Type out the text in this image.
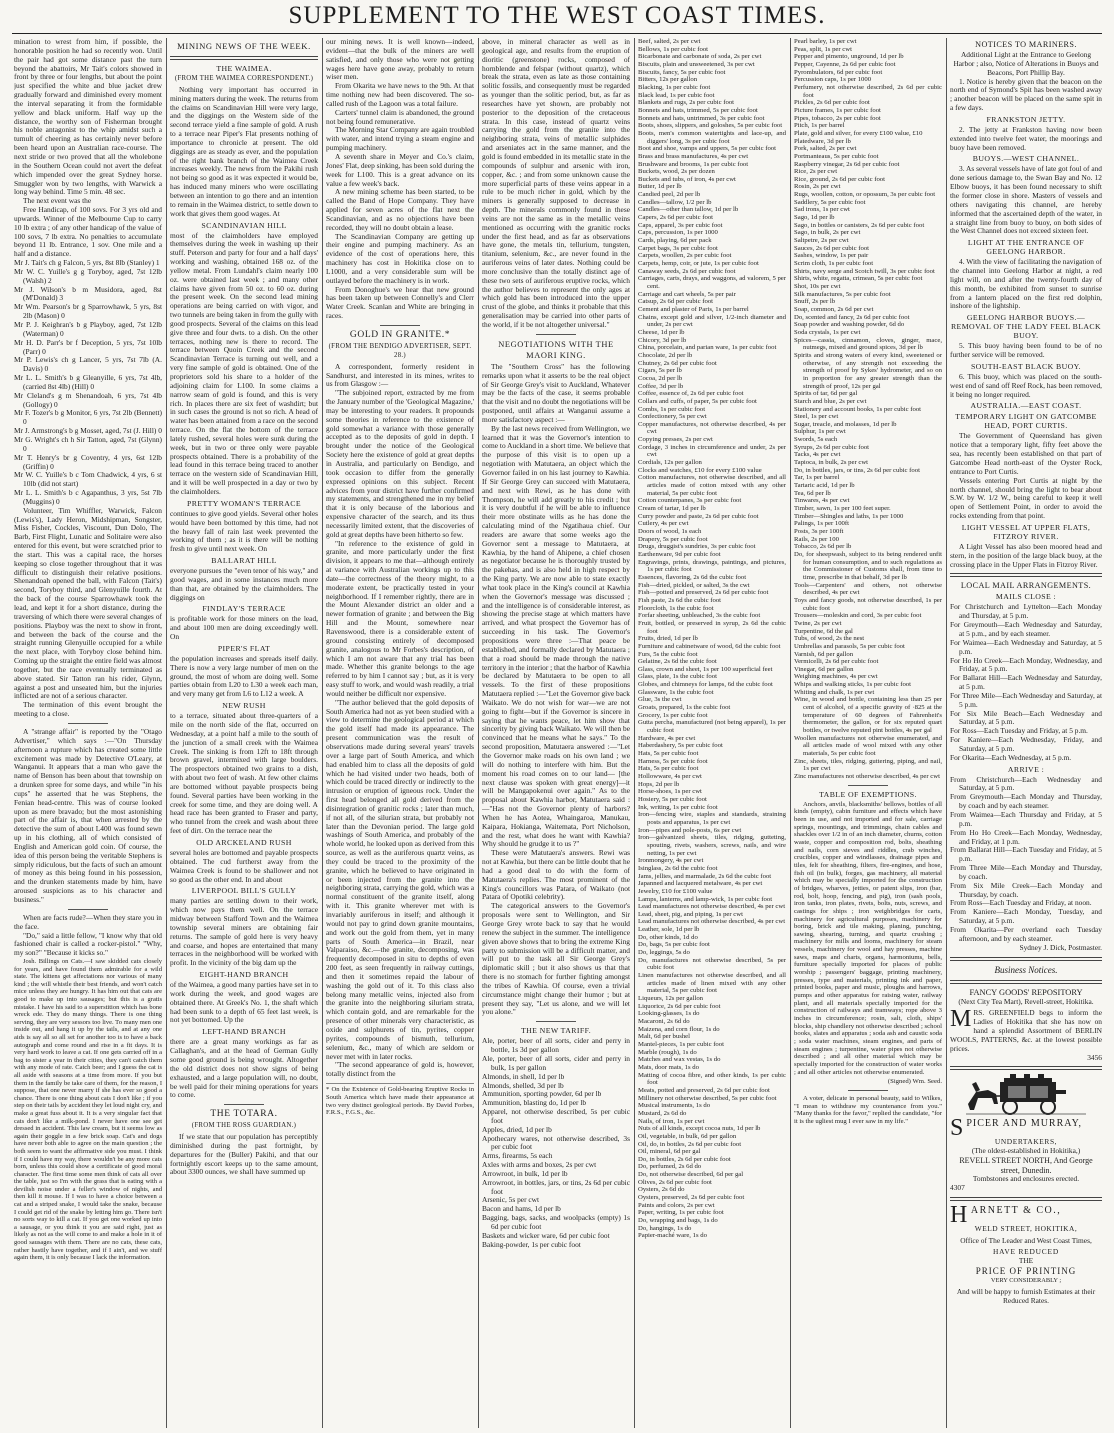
SUPPLEMENT TO THE WEST COAST TIMES.

mination to wrest from him, if possible, the honorable position he had so recently won. Until the pair had got some distance past the turn beyond the abattoirs, Mr Tait's colors showed in front by three or four lengths, but about the point just specified the white and blue jacket drew gradually forward and diminished every moment the interval separating it from the formidable yellow and black uniform. Half way up the distance, the worthy son of Fisherman brought his noble antagonist to the whip amidst such a tumult of cheering as has certainly never before been heard upon an Australian race-course. The next stride or two proved that all the wholebone in the Southern Ocean could not avert the defeat which impended over the great Sydney horse. Smuggler won by two lengths, with Warwick a long way behind. Time 5 min. 48 sec.

The next event was the

Free Handicap, of 100 sovs. For 3 yrs old and upwards. Winner of the Melbourne Cup to carry 10 lb extra ; of any other handicap of the value of 100 sovs, 7 lb extra. No penalties to accumulate beyond 11 lb. Entrance, 1 sov. One mile and a half and a distance.

Mr J. Tait's ch g Falcon, 5 yrs, 8st 8lb (Stanley) 1
Mr W. C. Yuille's g g Toryboy, aged, 7st 12lb (Walsh) 2
Mr J. Wilson's b m Musidora, aged, 8st (M'Donald) 3
Mr Wm. Pearson's br g Sparrowhawk, 5 yrs, 8st 2lb (Mason) 0
Mr P. J. Keighran's b g Playboy, aged, 7st 12lb (Waterman) 0
Mr H. D. Parr's br f Deception, 5 yrs, 7st 10lb (Parr) 0
Mr P. Lewis's ch g Lancer, 5 yrs, 7st 7lb (A. Davis) 0
Mr L. L. Smith's b g Gleanyille, 6 yrs, 7st 4lb, (carried 8st 4lb) (Hill) 0
Mr Cleland's g m Shenandoah, 6 yrs, 7st 4lb (Gollogy) 0
Mr F. Tozer's b g Monitor, 6 yrs, 7st 2lb (Bennett) 0
Mr J. Armstrong's b g Mosset, aged, 7st (J. Hill) 0
Mr G. Wright's ch h Sir Tatton, aged, 7st (Glynn) 0
Mr T. Henry's br g Coventry, 4 yrs, 6st 12lb (Griffin) 0
Mr W. C. Yuille's b c Tom Chadwick, 4 yrs, 6 st 10lb (did not start)
Mr L. L. Smith's b c Agapanthus, 3 yrs, 5st 7lb (Muggins) 0

Volunteer, Tim Whiffler, Warwick, Falcon (Lewis's), Lady Heron, Midshipman, Songster, Miss Fisher, Cockles, Viscount, Dun Dolo, The Barb, First Flight, Lunatic and Solitaire were also entered for this event, but were scratched prior to the start. This was a capital race, the horses keeping so close together throughout that it was difficult to distinguish their relative positions. Shenandoah opened the ball, with Falcon (Tait's) second, Toryboy third, and Glenyuille fourth. At the back of the course Sparrowhawk took the lead, and kept it for a short distance, during the traversing of which there were several changes of positions. Playboy was the next to show in front, and between the back of the course and the straight running Glenyuille occupied for a while the next place, with Toryboy close behind him. Coming up the straight the entire field was almost together, but the race eventually terminated as above stated. Sir Tatton ran his rider, Glynn, against a post and unseated him, but the injuries inflicted are not of a serious character.

The termination of this event brought the meeting to a close.

A "strange affair" is reported by the "Otago Advertiser," which says :—"On Thursday afternoon a rupture which has created some little excitement was made by Detective O'Leary, at Wanganui. It appears that a man who gave the name of Benson has been about that township on a drunken spree for some days, and while "in his cups" he asserted that he was Stephens, the Fenian head-centre. This was of course looked upon as mere bravado; but the most astonishing part of the affair is, that when arrested by the detective the sum of about L400 was found sewn up in his clothing, all of which consisted of English and American gold coin. Of course, the idea of this person being the veritable Stephens is simply ridiculous, but the facts of such an amount of money as this being found in his possession, and the drunken statements made by him, have aroused suspicions as to his character and business."

When are facts rude?—When they stare you in the face.

"Do," said a little fellow, "I know why that old fashioned chair is called a rocker-pistol." "Why, my son?" "Because it kicks so."

Josh. Billings on Cats.—I saw skidded cats closely for years, and have found them admirable for a wild state. The kittens get affectations nor various of many kind ; the will whistle their best friends, and won't catch mice unless they are hungry. It has him out that cats are good to make up into sausages; but this is a gratis mistake. I have his said to a superstition which has bone wreck ede. They do many things. There is one thing serving, they are very sessors too live. To many men one inside out, and hang it up by the tails, and at any one aids is say all so all set for another too is to have a back autograph and come round and rise in a fit days. It is very hard work to leave a cat. If one gets carried off in a bag to sister a year in their cities, they can't catch them with any mode of rate. Catch beer; and I guess the cat is all aside with seasons at a time from more. If you but them in the family be take care of them, for the reason, I suppose, that one never marry if she has ever so good a chance. There is one thing about cats I don't like ; if you step on their tails by accident they let loud night cry, and make a great fuss about it. It is a very singular fact that cats don't like a milk-pond. I never have one see get dressed in accident. This law cream, but it seems low as again their goggle in a few brick soap. Cat's and dogs have never both able to agree on the main question ; the both seem to want the affirmative side you must. I think if I could have my way, there wouldn't be any more cats born, unless this could show a certificate of good moral character. The first time some men think of cats all over the table, just so I'm with the grass that is eating with a devilish noise under a feller's window of nights, and then kill it mouse. If I was to have a choice between a cat and a striped snake, I would take the snake, because I could get rid of the snake by letting him go. There isn't no sorts way to kill a cat. If you get one worked up into a sausage, or you think it you are said right, just as likely as not as the will come to and make a hole in it of good sausages with them. There are no cats, these cats, rather hastily have together, and if I ain't, and we stuff again them, it is only because I lack the information.

MINING NEWS OF THE WEEK.
THE WAIMEA.
(FROM THE WAIMEA CORRESPONDENT.)

Nothing very important has occurred in mining matters during the week. The returns from the claims on Scandinavian Hill were very large, and the diggings on the Western side of the second terrace yield a fine sample of gold. A rush to a terrace near Piper's Flat presents nothing of importance to chronicle at present. The old diggings are as steady as ever, and the population of the right bank branch of the Waimea Creek increases weekly. The news from the Pakihi rush not being so good as it was expected it would be, has induced many miners who were oscillating between an intention to go there and an intention to remain in the Waimea district, to settle down to work that gives them good wages. At

SCANDINAVIAN HILL

most of the claimholders have employed themselves during the week in washing up their stuff. Peterson and party for four and a half days' working and washing, obtained 168 oz. of the yellow metal. From Lundahl's claim nearly 100 oz. were obtained last week ; and many other claims have given from 50 oz. to 60 oz. during the present week. On the second lead mining operations are being carried on with vigor, and two tunnels are being taken in from the gully with good prospects. Several of the claims on this lead give three and four dwts. to a dish. On the other terraces, nothing new is there to record. The terrace between Quoin Creek and the second Scandinavian Terrace is turning out well, and a very fine sample of gold is obtained. One of the proprietors sold his share to a holder of the adjoining claim for L100. In some claims a narrow seam of gold is found, and this is very rich. In places there are six feet of washdirt; but in such cases the ground is not so rich. A head of water has been attained from a race on the second terrace. On the flat the bottom of the terrace lately rushed, several holes were sunk during the week, but in two or three only were payable prospects obtained. There is a probability of the lead found in this terrace being traced to another terrace on the western side of Scandinavian Hill, and it will be well prospected in a day or two by the claimholders.

PRETTY WOMAN'S TERRACE

continues to give good yields. Several other holes would have been bottomed by this time, had not the heavy fall of rain last week prevented the working of them ; as it is there will be nothing fresh to give until next week. On

BALLARAT HILL

everyone pursues the "even tenor of his way," and good wages, and in some instances much more than that, are obtained by the claimholders. The diggings on

FINDLAY'S TERRACE

is profitable work for those miners on the lead, and about 100 men are doing exceedingly well. On

PIPER'S FLAT

the population increases and spreads itself daily. There is now a very large number of men on the ground, the most of whom are doing well. Some parties obtain from L20 to L30 a week each man, and very many get from L6 to L12 a week. A

NEW RUSH

to a terrace, situated about three-quarters of a mile on the north side of the flat, occurred on Wednesday, at a point half a mile to the south of the junction of a small creek with the Waimea Creek. The sinking is from 12ft to 18ft through brown gravel, intermixed with large boulders. The prospectors obtained two grains to a dish, with about two feet of wash. At few other claims are bottomed without payable prospects being found. Several parties have been working in the creek for some time, and they are doing well. A head race has been granted to Fraser and party, who tunnel from the creek and wash about three feet of dirt. On the terrace near the

OLD ARCKELAND RUSH

several holes are bottomed and payable prospects obtained. The cud furtherst away from the Waimea Creek is found to be shallower and not so good as the other end. In and about

LIVERPOOL BILL'S GULLY

many parties are settling down to their work, which now pays them well. On the terrace midway between Stafford Town and the Waimea township several miners are obtaining fair returns. The sample of gold here is very heavy and coarse, and hopes are entertained that many terraces in the neighborhood will be worked with profit. In the vicinity of the big dam up the

EIGHT-HAND BRANCH

of the Waimea, a good many parties have set in to work during the week, and good wages are obtained there. At Greek's No. 1, the shaft which had been sunk to a depth of 65 feet last week, is not yet bottomed. Up the

LEFT-HAND BRANCH

there are a great many workings as far as Callaghan's, and at the head of German Gully some good ground is being wrought. Altogether the old district does not show signs of being exhausted, and a large population will, no doubt, be well paid for their mining operations for years to come.

THE TOTARA.
(FROM THE ROSS GUARDIAN.)

If we state that our population has perceptibly diminished during the past fortnight, by departures for the (Buller) Pakihi, and that our fortnightly escort keeps up to the same amount, about 3300 ounces, we shall have summed up

our mining news. It is well known—indeed, evident—that the bulk of the miners are well satisfied, and only those who were not getting wages here have gone away, probably to return wiser men.

From Okarita we have news to the 9th. At that time nothing new had been discovered. The so-called rush of the Lagoon was a total failure.

Carters' tunnel claim is abandoned, the ground not being found remunerative.

The Morning Star Company are again troubled with water, and intend trying a steam engine and pumping machinery.

A seventh share in Meyer and Co.'s claim, Jones' Flat, deep sinking, has been sold during the week for L100. This is a great advance on its value a few week's back.

A new mining scheme has been started, to be called the Band of Hope Company. They have applied for seven acres of the flat next the Scandinavian, and as no objections have been recorded, they will no doubt obtain a lease.

The Scandinavian Company are getting up their engine and pumping machinery. As an evidence of the cost of operations here, this machinery has cost in Hokitika close on to L1000, and a very considerable sum will be outlayed before the machinery is in work.

From Donoghue's we hear that new ground has been taken up between Connelly's and Clerr Water Creek. Scanlan and White are bringing in races.

GOLD IN GRANITE.*
(FROM THE BENDIGO ADVERTISER, SEPT. 28.)

A correspondent, formerly resident in Sandhurst, and interested in its mines, writes to us from Glasgow :—

"The subjoined report, extracted by me from the January number of the 'Geological Magazine,' may be interesting to your readers. It propounds some theories in reference to the existence of gold somewhat a variance with those generally accepted as to the deposits of gold in depth. I brought under the notice of the Geological Society here the existence of gold at great depths in Australia, and particularly on Bendigo, and took occasion to differ from the generally expressed opinions on this subject. Recent advices from your district have further confirmed my statements, and strengthened me in my belief that it is only because of the laborious and expensive character of the search, and its thus necessarily limited extent, that the discoveries of gold at great depths have been hitherto so few.

"In reference to the existence of gold in granite, and more particularly under the first division, it appears to me that—although entirely at variance with Australian workings up to this date—the correctness of the theory might, to a moderate extent, be practically tested in your neighborhood. If I remember rightly, there are in the Mount Alexander district an older and a newer formation of granite ; and between the Big Hill and the Mount, somewhere near Ravenswood, there is a considerable extent of ground consisting entirely of decomposed granite, analogous to Mr Forbes's description, of which I am not aware that any trial has been made. Whether this granite belongs to the age referred to by him I cannot say ; but, as it is very easy stuff to work, and would wash readily, a trial would neither be difficult nor expensive.

"The author believed that the gold deposits of South America had not as yet been studied with a view to determine the geological period at which the gold itself had made its appearance. The present communication was the result of observations made during several years' travels over a large part of South America, and which had enabled him to class all the deposits of gold which he had visited under two heads, both of which could be traced directly or indirectly to the intrusion or eruption of igneous rock. Under the first head belonged all gold derived from the disintegration of granitic rocks ; later than much, if not all, of the silurian strata, but probably not later than the Devonian period. The large gold washings of South America, and probably of the whole world, he looked upon as derived from this source, as well as the auriferous quartz veins, as they could be traced to the proximity of the granite, which he believed to have originated in or been injected from the granite into the neighboring strata, carrying the gold, which was a normal constituent of the granite itself, along with it. This granite wherever met with is invariably auriferous in itself; and although it would not pay to grind down granite mountains, and work out the gold from them, yet in many parts of South America—in Brazil, near Valparaiso, &c.—the granite, decomposing, was frequently decomposed in situ to depths of even 200 feet, as seen frequently in railway cuttings, and then it sometimes repaid the labour of washing the gold out of it. To this class also belong many metallic veins, injected also from the granite into the neighboring siluriam strata, which contain gold, and are remarkable for the presence of other minerals very characteristic, as oxide and sulphurets of tin, pyrites, copper pyrites, compounds of bismuth, tellurium, selenium, &c., many of which are seldom or never met with in later rocks.

"The second appearance of gold is, however, totally distinct from the

* On the Existence of Gold-bearing Eruptive Rocks in South America which have made their appearance at two very distinct geological periods. By David Forbes, F.R.S., F.G.S., &c.

above, in mineral character as well as in geological age, and results from the eruption of dioritic (greenstone) rocks, composed of hornblende and felspar (without quartz), which break the strata, even as late as those containing solitic fossils, and consequently must be regarded as younger than the solitic period, but, as far as researches have yet shown, are probably not posterior to the deposition of the cretaceous strata. In this case, instead of quartz veins carrying the gold from the granite into the neighboring strata, veins of metallic sulphides and arseniates act in the same manner, and the gold is found embedded in its metallic state in the compounds of sulphur and arsenic with iron, copper, &c. ; and from some unknown cause the more superficial parts of these veins appear in a rule to be much richer in gold, which by the miners is generally supposed to decrease in depth. The minerals commonly found in these veins are not the same as in the metallic veins mentioned as occurring with the granitic rocks under the first head, and as far as observations have gone, the metals tin, tellurium, tungsten, titanium, selenium, &c., are never found in the auriferous veins of later dates. Nothing could be more conclusive than the totally distinct age of these two sets of auriferous eruptive rocks, which the author believes to represent the only ages at which gold has been introduced into the upper crust of the globe, and thinks it probable that this generalisation may be carried into other parts of the world, if it be not altogether universal."

NEGOTIATIONS WITH THE MAORI KING.

The "Southern Cross" has the following remarks upon what it asserts to be the real object of Sir George Grey's visit to Auckland, Whatever may be the facts of the case, it seems probable that the visit and no doubt the negotiations will be postponed, until affairs at Wanganui assume a more satisfactory aspect :—

By the last news received from Wellington, we learned that it was the Governor's intention to come to Auckland in a short time. We believe that the purpose of this visit is to open up a negotiation with Matutaera, an object which the Governor failed in on his last journey to Kawhia. If Sir George Grey can succeed with Matutaera, and next with Rewi, as he has done with Thompson, he will add greatly to his credit ; but it is very doubtful if he will be able to influence their more obstinate wills as he has done the calculating mind of the Ngatihaua chief. Our readers are aware that some weeks ago the Governor sent a message to Matutaera, at Kawhia, by the hand of Ahipene, a chief chosen as negotiator because he is thoroughly trusted by the pakehas, and is also held in high respect by the King party. We are now able to state exactly what took place in the King's council at Kawhia when the Governor's message was discussed ; and the intelligence is of considerable interest, as showing the precise stage at which matters have arrived, and what prospect the Governor has of succeeding in his task. The Governor's propositions were three :—That peace be established, and formally declared by Matutaera ; that a road should be made through the native territory in the interior ; that the harbor of Kawhia be declared by Matutaera to be open to all vessels. To the first of these propositions Matutaera replied :—"Let the Governor give back Waikato. We do not wish for war—we are not going to fight—but if the Governor is sincere in saying that he wants peace, let him show that sincerity by giving back Waikato. We will then be convinced that he means what he says." To the second proposition, Matutaera answered :—"Let the Governor make roads on his own land ; we will do nothing to interfere with him. But the moment his road comes on to our land— [the next clause was spoken with great energy]—it will be Mangapokenui over again." As to the proposal about Kawhia harbor, Matutaera said :—"Has not the Governor plenty of harbors? When he has Aotea, Whaingaroa, Manukau, Kaipara, Hokianga, Waitemata, Port Nicholson, and the rest, what does he want with Kawhia? Why should he grudge it to us ?"

These were Matutaera's answers. Rewi was not at Kawhia, but there can be little doubt that he had a good deal to do with the form of Matutaera's replies. The most prominent of the King's councillors was Patara, of Waikato (not Patara of Opotiki celebrity).

The categorical answers to the Governor's proposals were sent to Wellington, and Sir George Grey wrote back to say that he would renew the subject in the summer. The intelligence given above shows that to bring the extreme King party to submission will be a difficult matter, and will put to the task all Sir George Grey's diplomatic skill ; but it also shows us that that there is no stomach for further fighting amongst the tribes of Kawhia. Of course, even a trivial circumstance might change their humor ; but at present they say, "Let us alone, and we will let you alone."

THE NEW TARIFF.
Ale, porter, beer of all sorts, cider and perry in bottle, 1s 3d per gallon
Ale, porter, beer of all sorts, cider and perry in bulk, 1s per gallon
Almonds, in shell, 1d per lb
Almonds, shelled, 3d per lb
Ammunition, sporting powder, 6d per lb
Ammunition, blasting do, 1d per lb
Apparel, not otherwise described, 5s per cubic foot
Apples, dried, 1d per lb
Apothecary wares, not otherwise described, 3s per cubic foot
Arms, firearms, 5s each
Axles with arms and boxes, 2s per cwt
Arrowroot, in bulk, 1d per lb
Arrowroot, in bottles, jars, or tins, 2s 6d per cubic foot
Arsenic, 5s per cwt
Bacon and hams, 1d per lb
Bagging, bags, sacks, and woolpacks (empty) 1s 6d per cubic foot
Baskets and wicker ware, 6d per cubic foot
Baking-powder, 1s per cubic foot
Beef, salted, 2s per cwt
Bellows, 1s per cubic foot
Bicarbonate and carbonate of soda, 2s per cwt
Biscuits, plain and unsweetened, 3s per cwt
Biscuits, fancy, 5s per cubic foot
Bitters, 12s per gallon
Blacking, 1s per cubic foot
Black lead, 1s per cubic foot
Blankets and rugs, 2s per cubic foot
Bonnets and hats, trimmed, 5s per cubic foot
Bonnets and hats, untrimmed, 3s per cubic foot
Boots, shoes, slippers, and goloshes, 5s per cubic foot
Boots, men's common watertights and lace-up, and diggers' long, 3s per cubic foot
Boot and shoe, vamps and uppers, 5s per cubic foot
Brass and brass manufactures, 4s per cwt
Brushware and brooms, 1s per cubic foot
Buckets, wood, 2s per dozen
Buckets and tubs, of iron, 4s per cwt
Butter, 1d per lb
Candied peel, 2d per lb
Candles—tallow, 1/2 per lb
Candles—other than tallow, 1d per lb
Capers, 2s 6d per cubic foot
Caps, apparel, 3s per cubic foot
Caps, percussion, 1s per 1000
Cards, playing, 6d per pack
Carpet bags, 3s per cubic foot
Carpets, woollen, 2s per cubic foot
Carpets, hemp, coir, or jute, 1s per cubic foot
Canaway seeds, 2s 6d per cubic foot
Carriages, carts, drays, and waggons, ad valorem, 5 per cent.
Carriage and cart wheels, 5s per pair
Catsup, 2s 6d per cubic foot
Cement and plaster of Paris, 1s per barrel
Chains, except gold and silver, 1/2-inch diameter and under, 2s per cwt
Cheese, 1d per lb
Chicory, 3d per lb
China, porcelain, and parian ware, 1s per cubic foot
Chocolate, 2d per lb
Chutney, 2s 6d per cubic foot
Cigars, 5s per lb
Cocoa, 2d per lb
Coffee, 3d per lb
Coffee, essence of, 2s 6d per cubic foot
Collars and cuffs, of paper, 5s per cubic foot
Combs, 1s per cubic foot
Confectionery, 5s per cwt
Copper manufactures, not otherwise described, 4s per cwt
Copying presses, 2s per cwt
Cordage, 3 inches in circumference and under, 2s per cwt
Cordials, 12s per gallon
Clocks and watches, £10 for every £100 value
Cotton manufactures, not otherwise described, and all articles made of cotton mixed with any other material, 5s per cubic foot
Cotton counterpanes, 3s per cubic foot
Cream of tartar, 1d per lb
Curry powder and paste, 2s 6d per cubic foot
Cutlery, 4s per cwt
Doors of wood, 1s each
Drapery, 5s per cubic foot
Drugs, druggist's sundries, 3s per cubic foot
Earthenware, 9d per cubic foot
Engravings, prints, drawings, paintings, and pictures, 1s per cubic foot
Essences, flavoring, 2s 6d the cubic foot
Fish—dried, pickled, or salted, 3s the cwt
Fish—potted and preserved, 2s 6d per cubic foot
Fish paste, 2s 6d the cubic foot
Floorcloth, 1s the cubic foot
Forfar sheeting, unbleached, 3s the cubic foot
Fruit, bottled, or preserved in syrup, 2s 6d the cubic foot
Fruits, dried, 1d per lb
Furniture and cabinetware of wood, 6d the cubic foot
Furs, 5s the cubic foot
Gelatine, 2s 6d the cubic foot
Glass, crown and sheet, 1s per 100 superficial feet
Glass, plate, 1s the cubic foot
Globes, and chimneys for lamps, 6d the cubic foot
Glassware, 1s the cubic foot
Glue, 3s the cwt
Groats, prepared, 1s the cubic foot
Grocery, 1s per cubic foot
Gutta percha, manufactured (not being apparel), 1s per cubic foot
Hardware, 4s per cwt
Haberdashery, 5s per cubic foot
Hats, 5s per cubic foot
Harness, 5s per cubic foot
Hats, 5s per cubic foot
Hollowware, 4s per cwt
Hops, 2d per lb
Horse-shoes, 1s per cwt
Hosiery, 5s per cubic foot
Ink, writing, 1s per cubic foot
Iron—fencing wire, staples and standards, straining posts and apparatus, 1s per cwt
Iron—pipes and pole-posts, 6s per cwt
Iron—galvanized sheets, tiles, ridging, gutteting, spouting, rivets, washers, screws, nails, and wire netting, 1s per cwt
Ironmongery, 4s per cwt
Isinglass, 2s 6d the cubic foot
Jams, jellies, and marmalade, 2s 6d the cubic foot
Japanned and lacquered metalware, 4s per cwt
Jewelry, £10 for £100 value
Lamps, lanterns, and lamp-wick, 1s per cubic foot
Lead manufactures not otherwise described, 4s per cwt
Lead, sheet, pig, and piping, 1s per cwt
Lead manufactures not otherwise described, 4s per cwt
Leather, sole, 1d per lb
Do, other kinds, 1d do
Do, bags, 5s per cubic foot
Do, leggings, 5s do
Do, manufactures not otherwise described, 5s per cubic foot
Linen manufactures not otherwise described, and all articles made of linen mixed with any other material, 5s per cubic foot
Liqueurs, 12s per gallon
Liquorice, 2s 6d per cubic foot
Looking-glasses, 1s do
Macaroni, 2s 6d do
Maizena, and corn flour, 1s do
Malt, 6d per bushel
Mantel-pieces, 1s per cubic foot
Marble (rough), 1s do
Matches and wax vestas, 1s do
Mats, door mats, 1s do
Matting of cocoa fibre, and other kinds, 1s per cubic foot
Meats, potted and preserved, 2s 6d per cubic foot
Millinery not otherwise described, 5s per cubic foot
Musical instruments, 1s do
Mustard, 2s 6d do
Nails, of iron, 1s per cwt
Nuts of all kinds, except cocoa nuts, 1d per lb
Oil, vegetable, in bulk, 6d per gallon
Oil, do, in bottles, 2s 6d per cubic foot
Oil, mineral, 6d per gal
Do, in bottles, 2s 6d per cubic foot
Do, perfumed, 2s 6d do
Do, not otherwise described, 6d per gal
Olives, 2s 6d per cubic foot
Oysters, 2s 6d do
Oysters, preserved, 2s 6d per cubic foot
Paints and colors, 2s per cwt
Paper, writing, 1s per cubic foot
Do, wrapping and bags, 1s do
Do, hangings, 1s do
Papier-maché ware, 1s do
Pearl barley, 1s per cwt
Peas, split, 1s per cwt
Pepper and pimento, unground, 1d per lb
Pepper, Cayenne, 2s 6d per cubic foot
Pyrombulators, 6d per cubic foot
Percussion caps, 1s per 1000
Perfumery, not otherwise described, 2s 6d per cubic foot
Pickles, 2s 6d per cubic foot
Picture frames, 1s per cubic foot
Pipes, tobacco, 2s per cubic foot
Pitch, 1s per barrel
Plate, gold and silver, for every £100 value, £10
Platedware, 3d per lb
Pork, salted, 2s per cwt
Portmanteaus, 5s per cubic foot
Raspberry vinegar, 2s 6d per cubic foot
Rice, 2s per cwt
Rice, ground, 2s 6d per cubic foot
Rosin, 2s per cwt
Rugs, woollen, cotton, or opossum, 3s per cubic foot
Saddlery, 5s per cubic foot
Sad irons, 1s per cwt
Sago, 1d per lb
Sago, in bottles or canisters, 2s 6d per cubic foot
Sago, in bulk, 2s per cwt
Saltpetre, 2s per cwt
Sauces, 2s 6d per cubic foot
Sashes, window, 1s per pair
Scrim cloth, 1s per cubic foot
Shirts, navy serge and Scotch twill, 3s per cubic foot
Shirts, white, regatta, crimean, 5s per cubic foot
Shot, 10s per cwt
Silk manufactures, 5s per cubic foot
Snuff, 2s per lb
Soap, common, 2s 6d per cwt
Do, scented and fancy, 2s 6d per cubic foot
Soap powder and washing powder, 6d do
Soda crystals, 1s per cwt
Spices—cassia, cinnamon, cloves, ginger, mace, nutmegs, mixed and ground spices, 3d per lb
Spirits and strong waters of every kind, sweetened or otherwise, of any strength not exceeding the strength of proof by Sykes' hydrometer, and so on in proportion for any greater strength than the strength of proof, 12s per gal
Spirits of tar, 6d per gal
Starch and blue, 2s per cwt
Stationery and account books, 1s per cubic foot
Steel, 1s per cwt
Sugar, treacle, and molasses, 1d per lb
Sulphur, 1s per cwt
Swords, 5s each
Syrups, 2s 6d per cubic foot
Tacks, 4s per cwt
Tapioca, in bulk, 2s per cwt
Do, in bottles, jars, or tins, 2s 6d per cubic foot
Tar, 1s per barrel
Tartaric acid, 1d per lb
Tea, 6d per lb
Tinwares, 4s per cwt
Timber, sawn, 1s per 100 feet super.
Timber—Shingles and laths, 1s per 1000
Palings, 1s per 100ft
Posts, 3s per 100ft
Rails, 2s per 100
Tobacco, 2s 6d per lb
Do, for sheepwash, subject to its being rendered unfit for human consumption, and to such regulations as the Commissioner of Customs shall, from time to time, prescribe in that behalf, 3d per lb
Tools—Carpenters' and others, not otherwise described, 4s per cwt
Toys and fancy goods, not otherwise described, 1s per cubic foot
Trousers—moleskin and cord, 3s per cubic foot
Twine, 2s per cwt
Turpentine, 6d the gal
Tubs, of wood, 2s the nest
Umbrellas and parasols, 5s per cubic foot
Varnish, 6d per gallon
Vermicelli, 2s 6d per cubic foot
Vinegar, 6d per gallon
Weighing machines, 4s per cwt
Whips and walking sticks, 1s per cubic foot
Whiting and chalk, 1s per cwt
Wine, in wood and bottle, containing less than 25 per cent of alcohol, of a specific gravity of ·825 at the temperature of 60 degrees of Fahrenheit's thermometer, the gallon, or for six reputed quart bottles, or twelve reputed pint bottles, 4s per gal
Woollen manufactures not otherwise enumerated, and all articles made of wool mixed with any other materials, 5s per cubic foot
Zinc, sheets, tiles, ridging, guttering, piping, and nail, 1s per cwt
Zinc manufactures not otherwise described, 4s per cwt
TABLE OF EXEMPTIONS.

Anchors, anvils, blacksmiths' bellows, bottles of all kinds (empty), cabin furniture and effects which have been in use, and not imported and for sale, carriage springs, mountings, and trimmings, chain cables and shackles over 1/2 in of an inch diameter, churns, cotton waste, copper and composition rod, bolts, sheathing and nails, corn sieves and riddles, crab winches, crucibles, copper and windlasses, drainage pipes and tiles, felt for sheathing, filters, fire-engines, and hose, fish oil (in bulk), forges, gas machinery, all material which may be specially imported for the construction of bridges, wharves, jetties, or patent slips, iron (bar, rod, bolt, hoop, fencing, and pig), iron (sash pools, iron tanks, iron plates, rivets, bolts, nuts, screws, and castings for ships ; iron weighbridges for carts, machinery for agricultural purposes, machinery for boring, brick and tile making, planing, punching, sawing, shearing, turning, and quartz crushing ; machinery for mills and looms, machinery for steam vessels, machinery for wool and hay presses, machine saws, maps and charts, organs, harmoniums, bells, furniture specially imported for places of public worship ; passengers' baggage, printing machinery, presses, type and materials, printing ink and paper, printed books, paper and music, ploughs and harrows, pumps and other apparatus for raising water, railway plant, and all materials specially imported for the construction of railways and tramways; rope above 3 inches in circumference; rosin, salt, cloth, ships' blocks, ship chandlery not otherwise described ; school books, slates and apparatus ; soda ash and caustic soda ; soda water machines, steam engines, and parts of steam engines ; turpentine, water pipes not otherwise described ; and all other material which may be specially imported for the construction of water works ; and all other articles not otherwise enumerated.

(Signed) Wm. Seed.

A voter, delicate in personal beauty, said to Wilkes, "I mean to withdraw my countenance from you." "Many thanks for the favor," replied the candidate, "for it is the ugliest mug I ever saw in my life."

NOTICES TO MARINERS.

Additional Light at the Entrance to Geelong Harbor ; also, Notice of Alterations in Buoys and Beacons, Port Phillip Bay.

1. Notice is hereby given that the beacon on the north end of Symond's Spit has been washed away ; another beacon will be placed on the same spit in a few days.

FRANKSTON JETTY.

2. The jetty at Frankston having now been extended into twelve feet water, the moorings and buoy have been removed.

BUOYS.—WEST CHANNEL.

3. As several vessels have of late got foul of and done serious damage to, the Swan Bay and No. 12 Elbow buoys, it has been found necessary to shift the former close in shore. Masters of vessels and others navigating this channel, are hereby informed that the ascertained depth of the water, in a straight line from buoy to buoy, on both sides of the West Channel does not exceed sixteen feet.

LIGHT AT THE ENTRANCE OF GEELONG HARBOR.

4. With the view of facilitating the navigation of the channel into Geelong Harbor at night, a red light will, on and after the twenty-fourth day of this month, be exhibited from sunset to sunrise from a lantern placed on the first red dolphin, inshore of the lightship.

GEELONG HARBOR BUOYS.—REMOVAL OF THE LADY FEEL BLACK BUOY.

5. This buoy having been found to be of no further service will be removed.

SOUTH-EAST BLACK BUOY.

6. This buoy, which was placed on the south-west end of sand off Reef Rock, has been removed, it being no longer required.

AUSTRALIA.—EAST COAST.
TEMPORARY LIGHT ON GATCOMBE HEAD, PORT CURTIS.

The Government of Queensland has given notice that a temporary light, fifty feet above the sea, has recently been established on that part of Gatcombe Head north-east of the Oyster Rock, entrance to Port Curtis.

Vessels entering Port Curtis at night by the north channel, should bring the light to bear about S.W. by W. 1/2 W., being careful to keep it well open of Settlement Point, in order to avoid the rocks extending from that point.

LIGHT VESSEL AT UPPER FLATS, FITZROY RIVER.

A Light Vessel has also been moored head and stern, in the position of the large black buoy, at the crossing place in the Upper Flats in Fitzroy River.

LOCAL MAIL ARRANGEMENTS.
MAILS CLOSE :
For Christchurch and Lyttelton—Each Monday and Thursday, at 5 p.m.
For Greymouth—Each Wednesday and Saturday, at 5 p.m., and by each steamer.
For Waimea—Each Wednesday and Saturday, at 5 p.m.
For Ho Ho Creek—Each Monday, Wednesday, and Friday, at 5 p.m.
For Ballarat Hill—Each Wednesday and Saturday, at 5 p.m.
For Three Mile—Each Wednesday and Saturday, at 5 p.m.
For Six Mile Beach—Each Wednesday and Saturday, at 5 p.m.
For Ross—Each Tuesday and Friday, at 5 p.m.
For Kaniere—Each Wednesday, Friday, and Saturday, at 5 p.m.
For Okarita—Each Wednesday, at 5 p.m.
ARRIVE :
From Christchurch—Each Wednesday and Saturday, at 5 p.m.
From Greymouth—Each Monday and Thursday, by coach and by each steamer.
From Waimea—Each Thursday and Friday, at 5 p.m.
From Ho Ho Creek—Each Monday, Wednesday, and Friday, at 1 p.m.
From Ballarat Hill—Each Tuesday and Friday, at 5 p.m.
From Three Mile—Each Monday and Thursday, by coach.
From Six Mile Creek—Each Monday and Thursday, by coach.
From Ross—Each Tuesday and Friday, at noon.
From Kaniere—Each Monday, Tuesday, and Saturday, at 5 p.m.
From Okarita—Per overland each Tuesday afternoon, and by each steamer.

Sydney J. Dick, Postmaster.

Business Notices.

FANCY GOODS' REPOSITORY

(Next City Tea Mart), Revell-street, Hokitika.

MRS. GREENFIELD begs to inform the Ladies of Hokitika that she has now on hand a splendid Assortment of BERLIN WOOLS, PATTERNS, &c. at the lowest possible prices.

3456

SPICER AND MURRAY,

UNDERTAKERS,

(The oldest-established in Hokitika,)

REVELL STREET NORTH, And George street, Dunedin.

Tombstones and enclosures erected.

4307

HARNETT & CO.,

WELD STREET, HOKITIKA,

Office of The Leader and West Coast Times,

HAVE REDUCED

THE

PRICE OF PRINTING

VERY CONSIDERABLY ;

And will be happy to furnish Estimates at their Reduced Rates.
